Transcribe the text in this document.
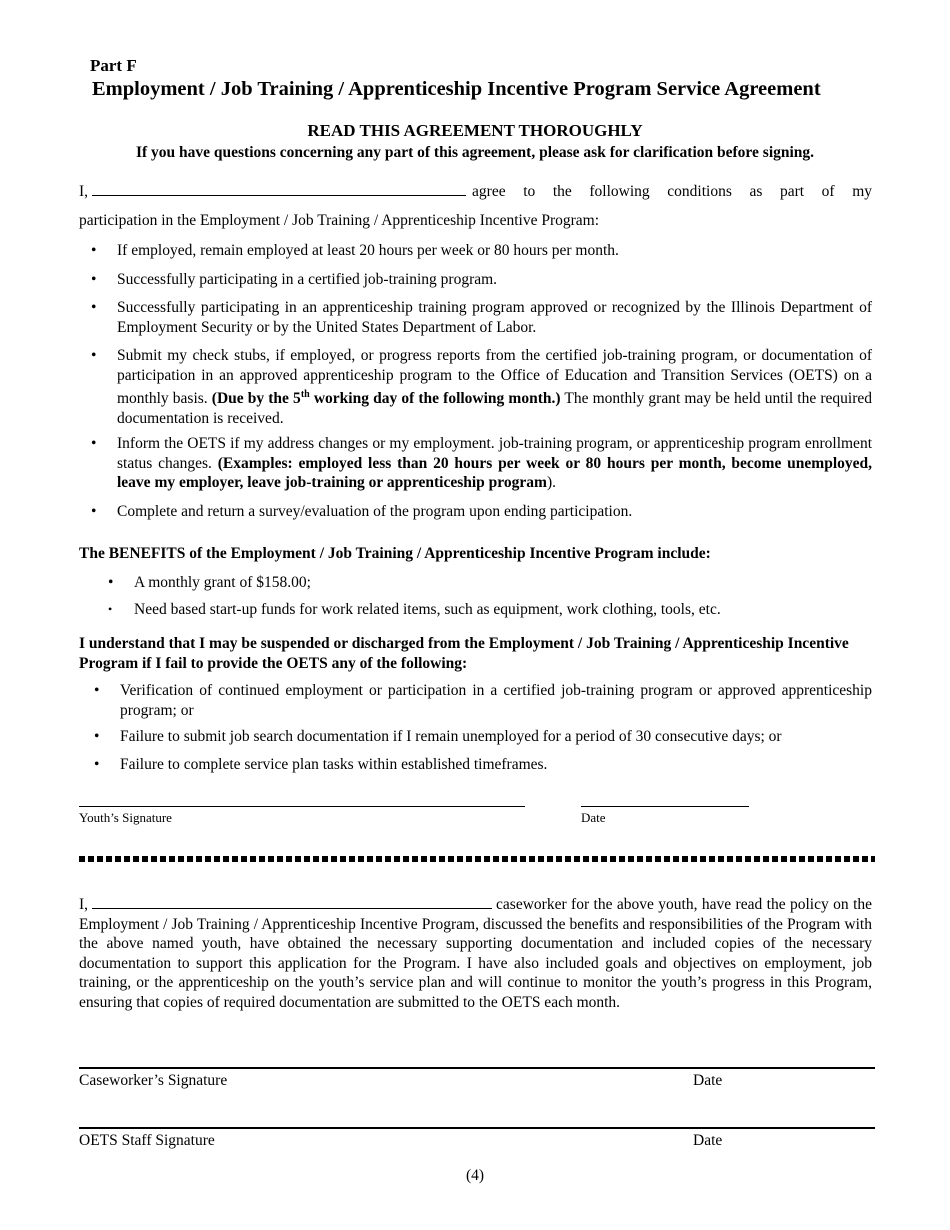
Part F
Employment / Job Training / Apprenticeship Incentive Program Service Agreement
READ THIS AGREEMENT THOROUGHLY
If you have questions concerning any part of this agreement, please ask for clarification before signing.
I,	agree to the following conditions as part of my
participation in the Employment / Job Training / Apprenticeship Incentive Program:
• If employed, remain employed at least 20 hours per week or 80 hours per month.
• Successfully participating in a certified job-training program.
• Successfully participating in an apprenticeship training program approved or recognized by the Illinois Department of Employment Security or by the United States Department of Labor.
• Submit my check stubs, if employed, or progress reports from the certified job-training program, or documentation of participation in an approved apprenticeship program to the Office of Education and Transition Services (OETS) on a monthly basis. (Due by the 5th working day of the following month.) The monthly grant may be held until the required documentation is received.
• Inform the OETS if my address changes or my employment. job-training program, or apprenticeship program enrollment status changes. (Examples: employed less than 20 hours per week or 80 hours per month, become unemployed, leave my employer, leave job-training or apprenticeship program).
• Complete and return a survey/evaluation of the program upon ending participation.
The BENEFITS of the Employment / Job Training / Apprenticeship Incentive Program include:
• A monthly grant of $158.00;
• Need based start-up funds for work related items, such as equipment, work clothing, tools, etc.
I understand that I may be suspended or discharged from the Employment / Job Training / Apprenticeship Incentive Program if I fail to provide the OETS any of the following:
• Verification of continued employment or participation in a certified job-training program or approved apprenticeship program; or
• Failure to submit job search documentation if I remain unemployed for a period of 30 consecutive days; or
• Failure to complete service plan tasks within established timeframes.
Youth’s Signature	Date
I,	caseworker for the above youth, have read the policy on the Employment / Job Training / Apprenticeship Incentive Program, discussed the benefits and responsibilities of the Program with the above named youth, have obtained the necessary supporting documentation and included copies of the necessary documentation to support this application for the Program. I have also included goals and objectives on employment, job training, or the apprenticeship on the youth’s service plan and will continue to monitor the youth’s progress in this Program, ensuring that copies of required documentation are submitted to the OETS each month.
Caseworker’s Signature	Date
OETS Staff Signature	Date
(4)
